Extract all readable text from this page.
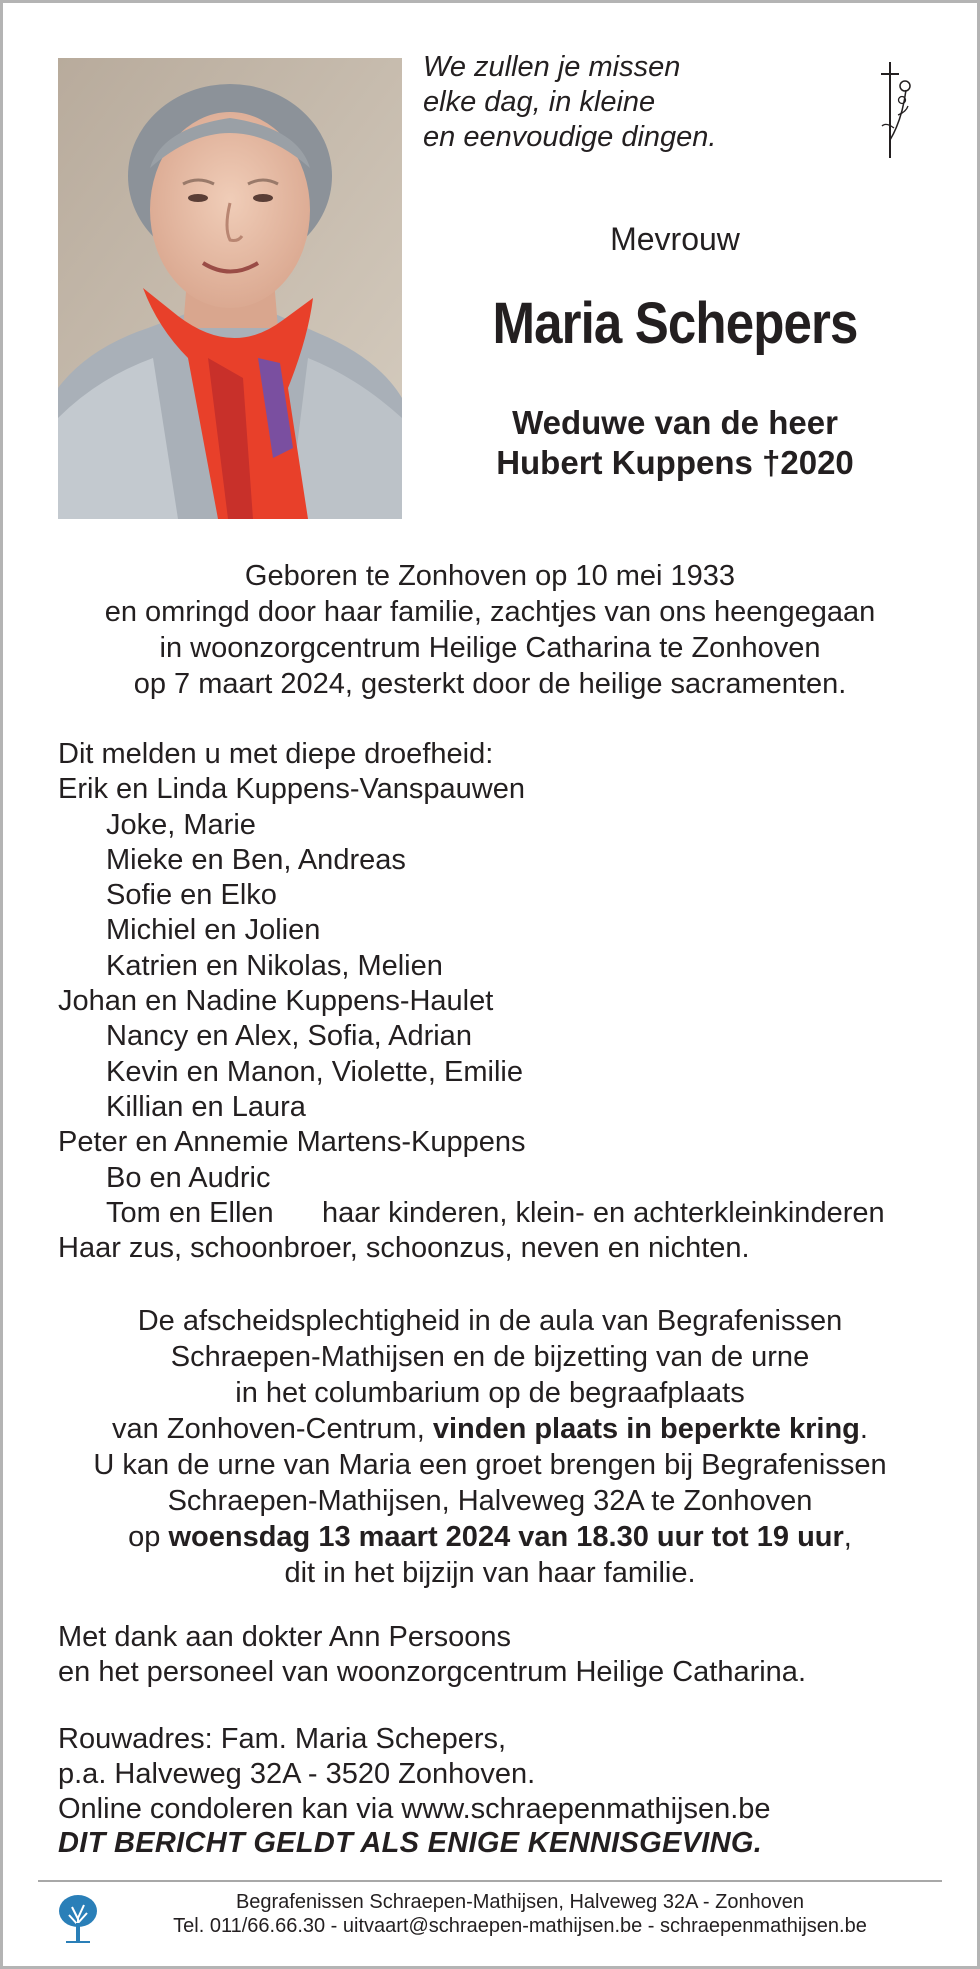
We zullen je missen
elke dag, in kleine
en eenvoudige dingen.
Mevrouw
Maria Schepers
Weduwe van de heer
Hubert Kuppens †2020
Geboren te Zonhoven op 10 mei 1933
en omringd door haar familie, zachtjes van ons heengegaan
in woonzorgcentrum Heilige Catharina te Zonhoven
op 7 maart 2024, gesterkt door de heilige sacramenten.
Dit melden u met diepe droefheid:
Erik en Linda Kuppens-Vanspauwen
Joke, Marie
Mieke en Ben, Andreas
Sofie en Elko
Michiel en Jolien
Katrien en Nikolas, Melien
Johan en Nadine Kuppens-Haulet
Nancy en Alex, Sofia, Adrian
Kevin en Manon, Violette, Emilie
Killian en Laura
Peter en Annemie Martens-Kuppens
Bo en Audric
Tom en Ellen haar kinderen, klein- en achterkleinkinderen
Haar zus, schoonbroer, schoonzus, neven en nichten.
De afscheidsplechtigheid in de aula van Begrafenissen
Schraepen-Mathijsen en de bijzetting van de urne
in het columbarium op de begraafplaats
van Zonhoven-Centrum, vinden plaats in beperkte kring.
U kan de urne van Maria een groet brengen bij Begrafenissen
Schraepen-Mathijsen, Halveweg 32A te Zonhoven
op woensdag 13 maart 2024 van 18.30 uur tot 19 uur,
dit in het bijzijn van haar familie.
Met dank aan dokter Ann Persoons
en het personeel van woonzorgcentrum Heilige Catharina.
Rouwadres: Fam. Maria Schepers,
p.a. Halveweg 32A - 3520 Zonhoven.
Online condoleren kan via www.schraepenmathijsen.be
DIT BERICHT GELDT ALS ENIGE KENNISGEVING.
Begrafenissen Schraepen-Mathijsen, Halveweg 32A - Zonhoven
Tel. 011/66.66.30 - uitvaart@schraepen-mathijsen.be - schraepenmathijsen.be
